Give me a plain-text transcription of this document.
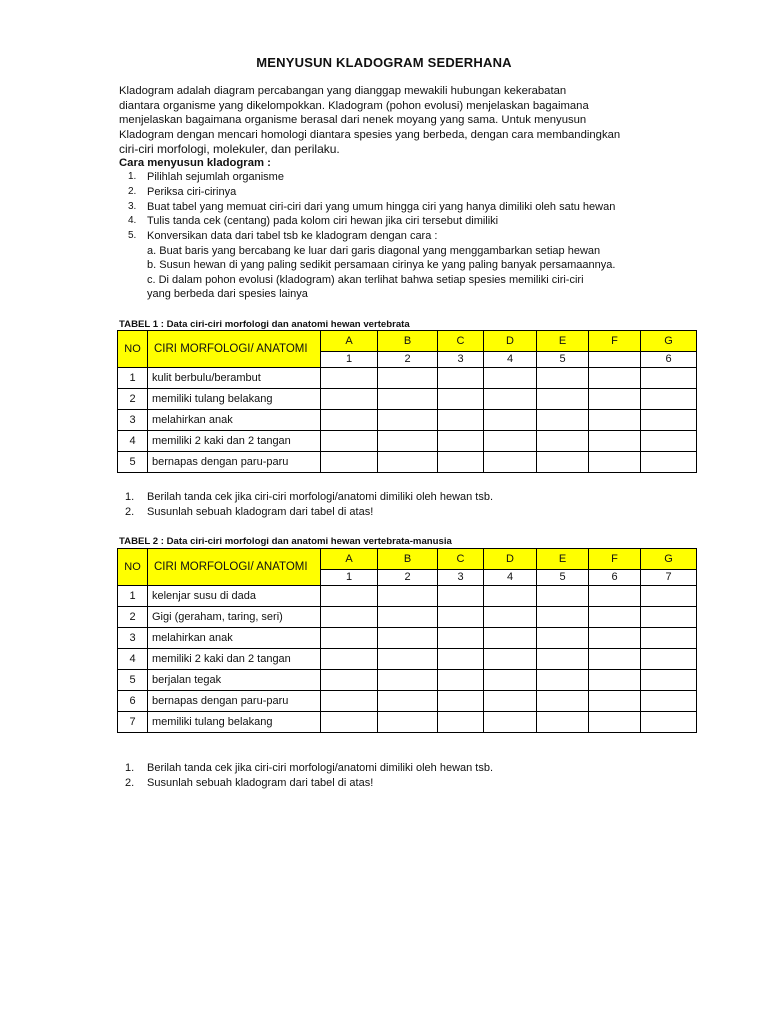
MENYUSUN KLADOGRAM SEDERHANA

Kladogram adalah diagram percabangan yang dianggap mewakili hubungan kekerabatan

diantara organisme yang dikelompokkan. Kladogram (pohon evolusi) menjelaskan bagaimana

menjelaskan bagaimana organisme berasal dari nenek moyang yang sama. Untuk menyusun

Kladogram dengan mencari homologi diantara spesies yang berbeda, dengan cara membandingkan

ciri-ciri morfologi, molekuler, dan perilaku.

Cara menyusun kladogram :
1. Pilihlah sejumlah organisme
2. Periksa ciri-cirinya
3. Buat tabel yang memuat ciri-ciri dari yang umum hingga ciri yang hanya dimiliki oleh satu hewan
4. Tulis tanda cek (centang) pada kolom ciri hewan jika ciri tersebut dimiliki
5. Konversikan data dari tabel tsb ke kladogram dengan cara :
a. Buat baris yang bercabang ke luar dari garis diagonal yang menggambarkan setiap hewan
b. Susun hewan di yang paling sedikit persamaan cirinya ke yang paling banyak persamaannya.
c. Di dalam pohon evolusi (kladogram) akan terlihat bahwa setiap spesies memiliki ciri-ciri
yang berbeda dari spesies lainya
TABEL 1 : Data ciri-ciri morfologi dan anatomi hewan vertebrata
NO	CIRI MORFOLOGI/ ANATOMI	A	B	C	D	E	F	G
		1	2	3	4	5		6
1	kulit berbulu/berambut							
2	memiliki tulang belakang							
3	melahirkan anak							
4	memiliki 2 kaki dan 2 tangan							
5	bernapas dengan paru-paru							
1.	Berilah tanda cek jika ciri-ciri morfologi/anatomi dimiliki oleh hewan tsb.
2.	Susunlah sebuah kladogram dari tabel di atas!
TABEL 2 : Data ciri-ciri morfologi dan anatomi hewan vertebrata-manusia
NO	CIRI MORFOLOGI/ ANATOMI	A	B	C	D	E	F	G
		1	2	3	4	5	6	7
1	kelenjar susu di dada							
2	Gigi (geraham, taring, seri)							
3	melahirkan anak							
4	memiliki 2 kaki dan 2 tangan							
5	berjalan tegak							
6	bernapas dengan paru-paru							
7	memiliki tulang belakang							
1.	Berilah tanda cek jika ciri-ciri morfologi/anatomi dimiliki oleh hewan tsb.
2.	Susunlah sebuah kladogram dari tabel di atas!
